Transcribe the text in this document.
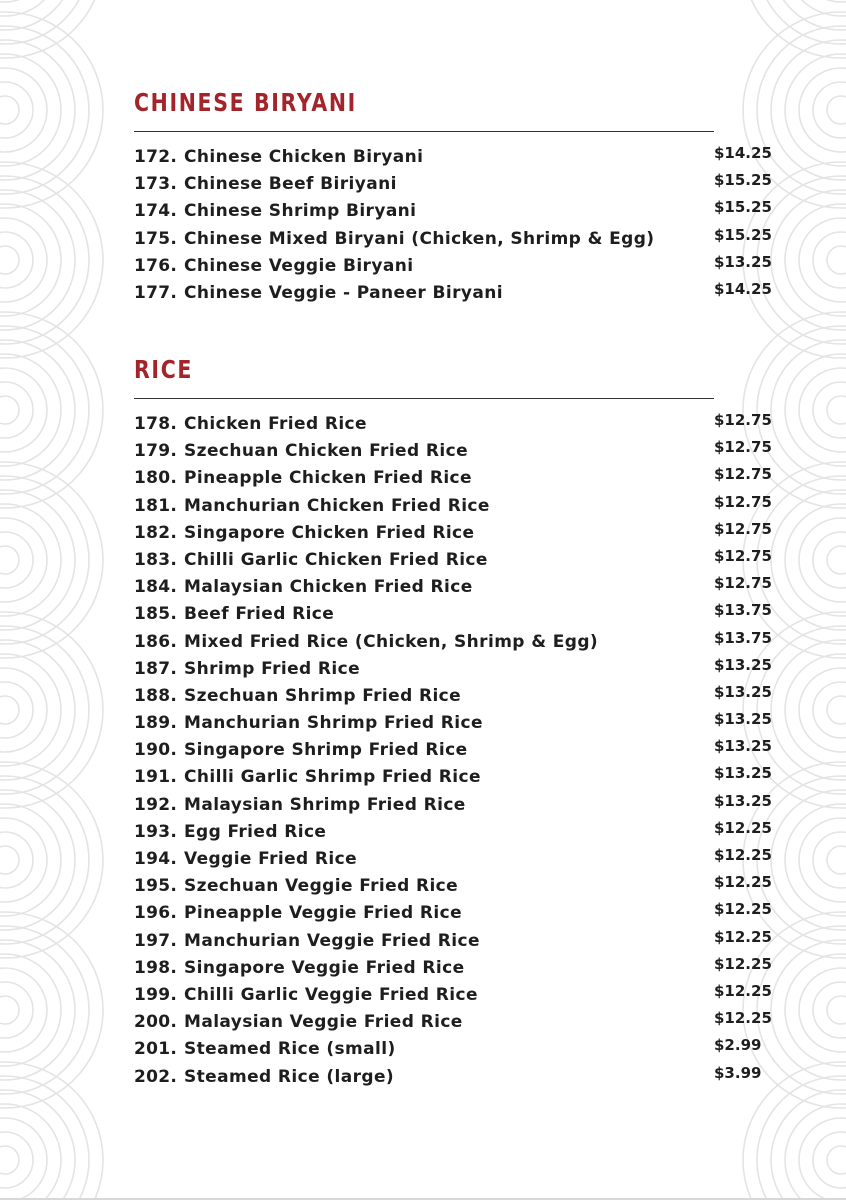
CHINESE BIRYANI
172. Chinese Chicken Biryani	$14.25
173. Chinese Beef Biriyani	$15.25
174. Chinese Shrimp Biryani	$15.25
175. Chinese Mixed Biryani (Chicken, Shrimp & Egg)	$15.25
176. Chinese Veggie Biryani	$13.25
177. Chinese Veggie - Paneer Biryani	$14.25
RICE
178. Chicken Fried Rice	$12.75
179. Szechuan Chicken Fried Rice	$12.75
180. Pineapple Chicken Fried Rice	$12.75
181. Manchurian Chicken Fried Rice	$12.75
182. Singapore Chicken Fried Rice	$12.75
183. Chilli Garlic Chicken Fried Rice	$12.75
184. Malaysian Chicken Fried Rice	$12.75
185. Beef Fried Rice	$13.75
186. Mixed Fried Rice (Chicken, Shrimp & Egg)	$13.75
187. Shrimp Fried Rice	$13.25
188. Szechuan Shrimp Fried Rice	$13.25
189. Manchurian Shrimp Fried Rice	$13.25
190. Singapore Shrimp Fried Rice	$13.25
191. Chilli Garlic Shrimp Fried Rice	$13.25
192. Malaysian Shrimp Fried Rice	$13.25
193. Egg Fried Rice	$12.25
194. Veggie Fried Rice	$12.25
195. Szechuan Veggie Fried Rice	$12.25
196. Pineapple Veggie Fried Rice	$12.25
197. Manchurian Veggie Fried Rice	$12.25
198. Singapore Veggie Fried Rice	$12.25
199. Chilli Garlic Veggie Fried Rice	$12.25
200. Malaysian Veggie Fried Rice	$12.25
201. Steamed Rice (small)	$2.99
202. Steamed Rice (large)	$3.99
